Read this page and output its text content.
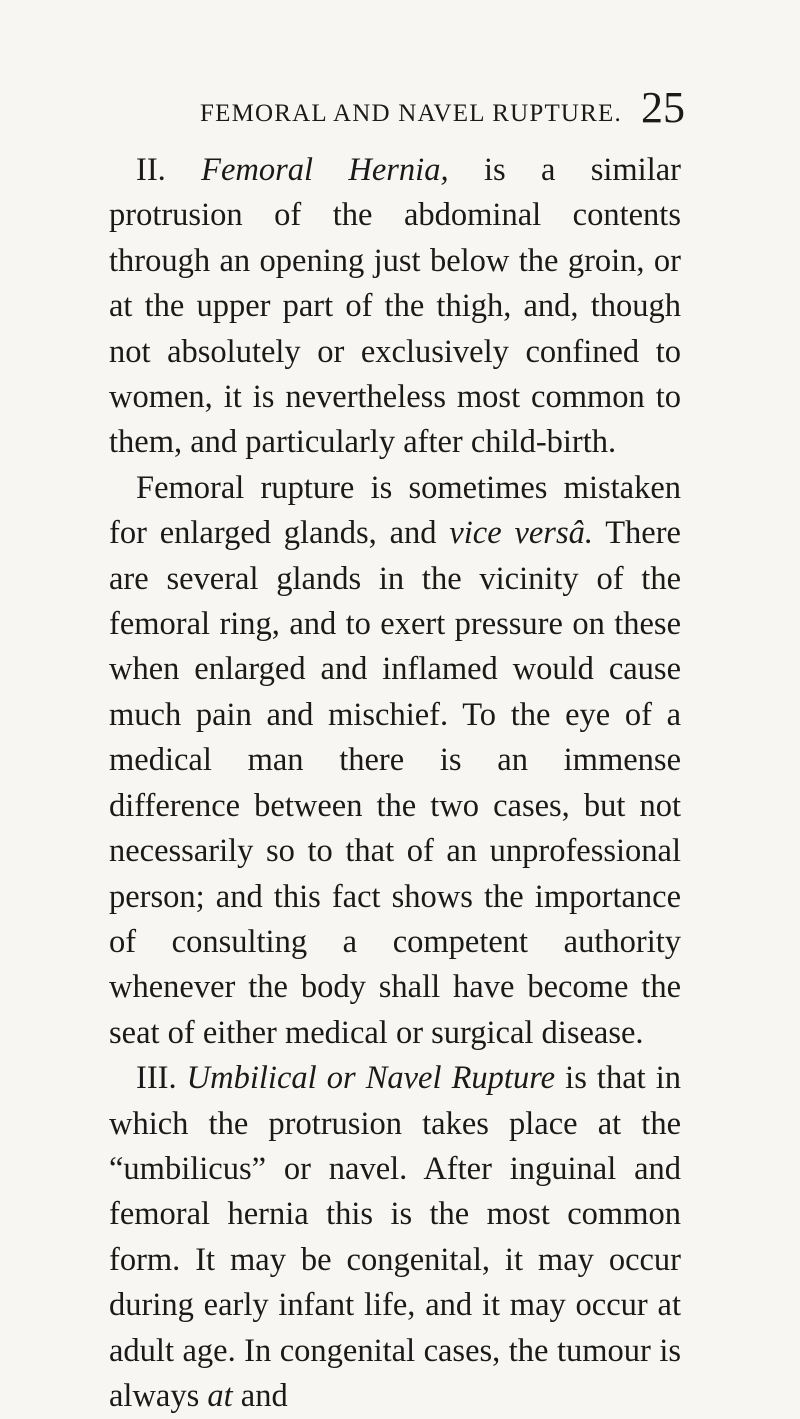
FEMORAL AND NAVEL RUPTURE. 25

II. Femoral Hernia, is a similar protrusion of the abdominal contents through an opening just below the groin, or at the upper part of the thigh, and, though not absolutely or exclusively confined to women, it is nevertheless most common to them, and particularly after child-birth.

Femoral rupture is sometimes mistaken for enlarged glands, and vice versâ. There are several glands in the vicinity of the femoral ring, and to exert pressure on these when enlarged and inflamed would cause much pain and mischief. To the eye of a medical man there is an immense difference between the two cases, but not necessarily so to that of an unprofessional person; and this fact shows the importance of consulting a competent authority whenever the body shall have become the seat of either medical or surgical disease.

III. Umbilical or Navel Rupture is that in which the protrusion takes place at the “umbilicus” or navel. After inguinal and femoral hernia this is the most common form. It may be congenital, it may occur during early infant life, and it may occur at adult age. In congenital cases, the tumour is always at and
